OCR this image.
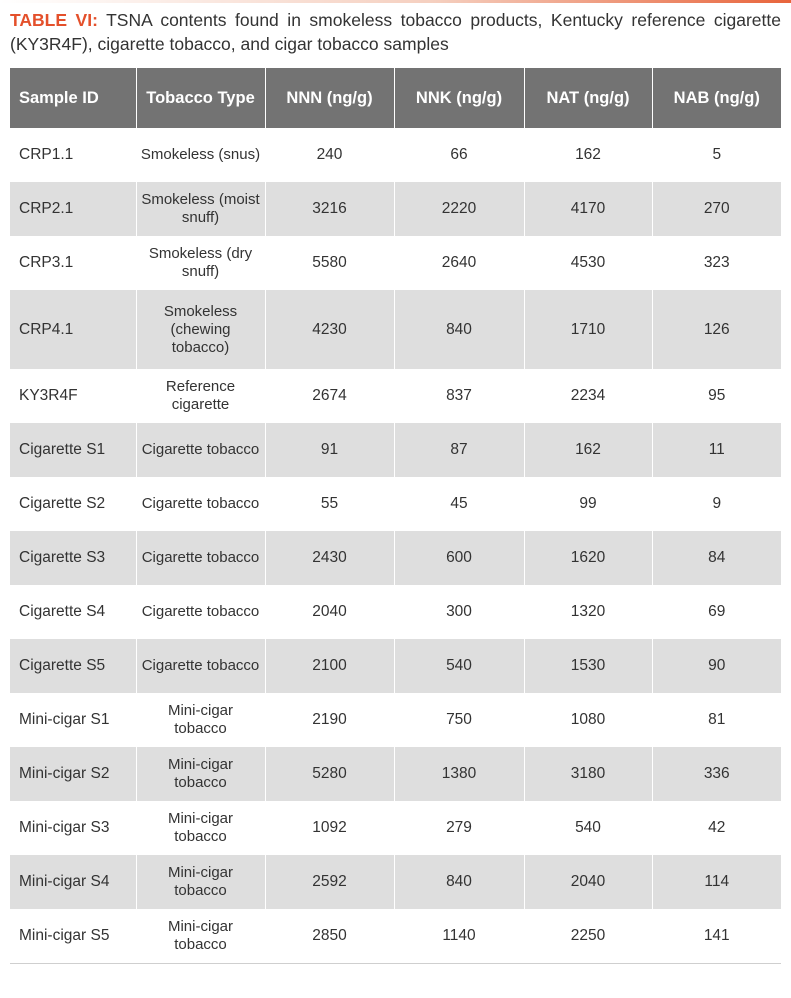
TABLE VI: TSNA contents found in smokeless tobacco products, Kentucky reference cigarette (KY3R4F), cigarette tobacco, and cigar tobacco samples
Sample ID	Tobacco Type	NNN (ng/g)	NNK (ng/g)	NAT (ng/g)	NAB (ng/g)
CRP1.1	Smokeless (snus)	240	66	162	5
CRP2.1	Smokeless (moist snuff)	3216	2220	4170	270
CRP3.1	Smokeless (dry snuff)	5580	2640	4530	323
CRP4.1	Smokeless (chewing tobacco)	4230	840	1710	126
KY3R4F	Reference cigarette	2674	837	2234	95
Cigarette S1	Cigarette tobacco	91	87	162	11
Cigarette S2	Cigarette tobacco	55	45	99	9
Cigarette S3	Cigarette tobacco	2430	600	1620	84
Cigarette S4	Cigarette tobacco	2040	300	1320	69
Cigarette S5	Cigarette tobacco	2100	540	1530	90
Mini-cigar S1	Mini-cigar tobacco	2190	750	1080	81
Mini-cigar S2	Mini-cigar tobacco	5280	1380	3180	336
Mini-cigar S3	Mini-cigar tobacco	1092	279	540	42
Mini-cigar S4	Mini-cigar tobacco	2592	840	2040	114
Mini-cigar S5	Mini-cigar tobacco	2850	1140	2250	141
